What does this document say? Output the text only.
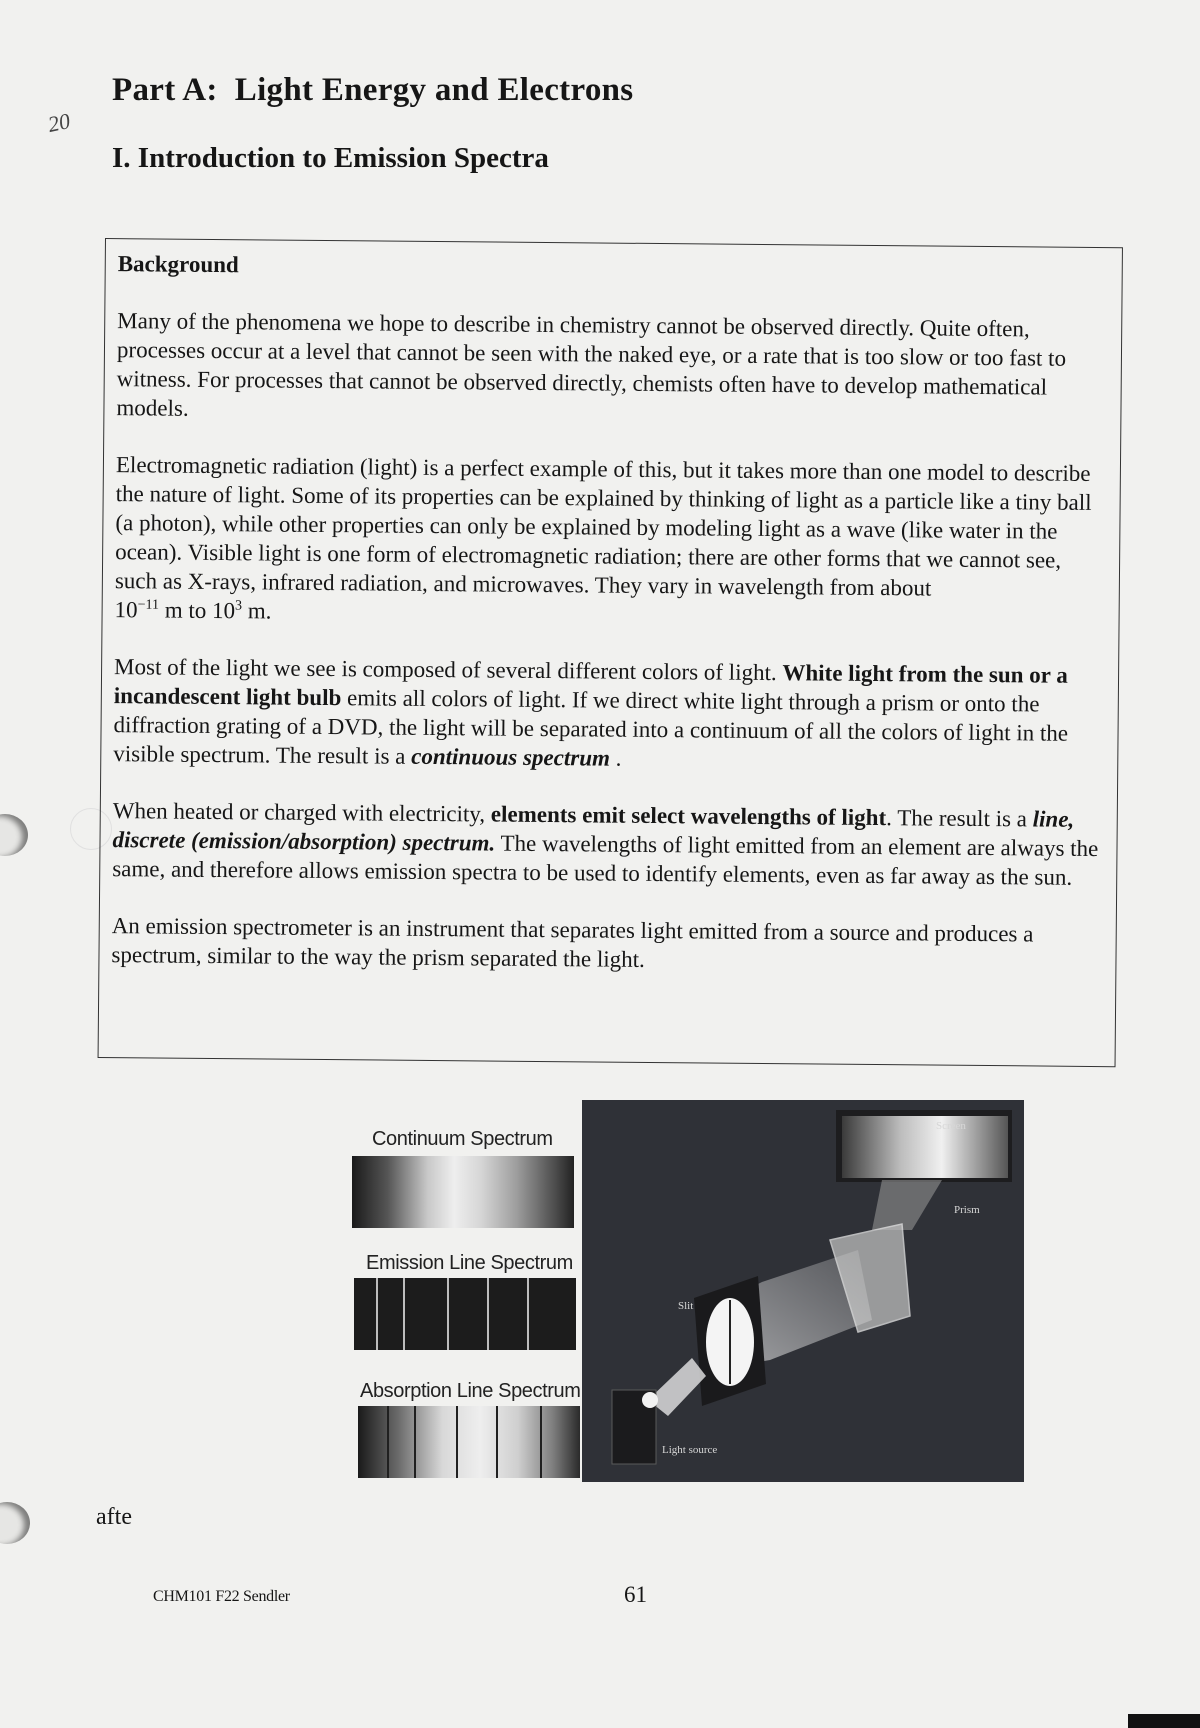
20
Part A: Light Energy and Electrons
I. Introduction to Emission Spectra
Background

Many of the phenomena we hope to describe in chemistry cannot be observed directly. Quite often, processes occur at a level that cannot be seen with the naked eye, or a rate that is too slow or too fast to witness. For processes that cannot be observed directly, chemists often have to develop mathematical models.

Electromagnetic radiation (light) is a perfect example of this, but it takes more than one model to describe the nature of light. Some of its properties can be explained by thinking of light as a particle like a tiny ball (a photon), while other properties can only be explained by modeling light as a wave (like water in the ocean). Visible light is one form of electromagnetic radiation; there are other forms that we cannot see, such as X-rays, infrared radiation, and microwaves. They vary in wavelength from about
$10^{-11}$ m to $10^3$ m.

Most of the light we see is composed of several different colors of light. White light from the sun or a incandescent light bulb emits all colors of light. If we direct white light through a prism or onto the diffraction grating of a DVD, the light will be separated into a continuum of all the colors of light in the visible spectrum. The result is a continuous spectrum .

When heated or charged with electricity, elements emit select wavelengths of light. The result is a line, discrete (emission/absorption) spectrum. The wavelengths of light emitted from an element are always the same, and therefore allows emission spectra to be used to identify elements, even as far away as the sun.

An emission spectrometer is an instrument that separates light emitted from a source and produces a spectrum, similar to the way the prism separated the light.

Continuum Spectrum
Emission Line Spectrum
Absorption Line Spectrum
Screen
Prism
Slit
Light source
afte
CHM101 F22 Sendler	61
